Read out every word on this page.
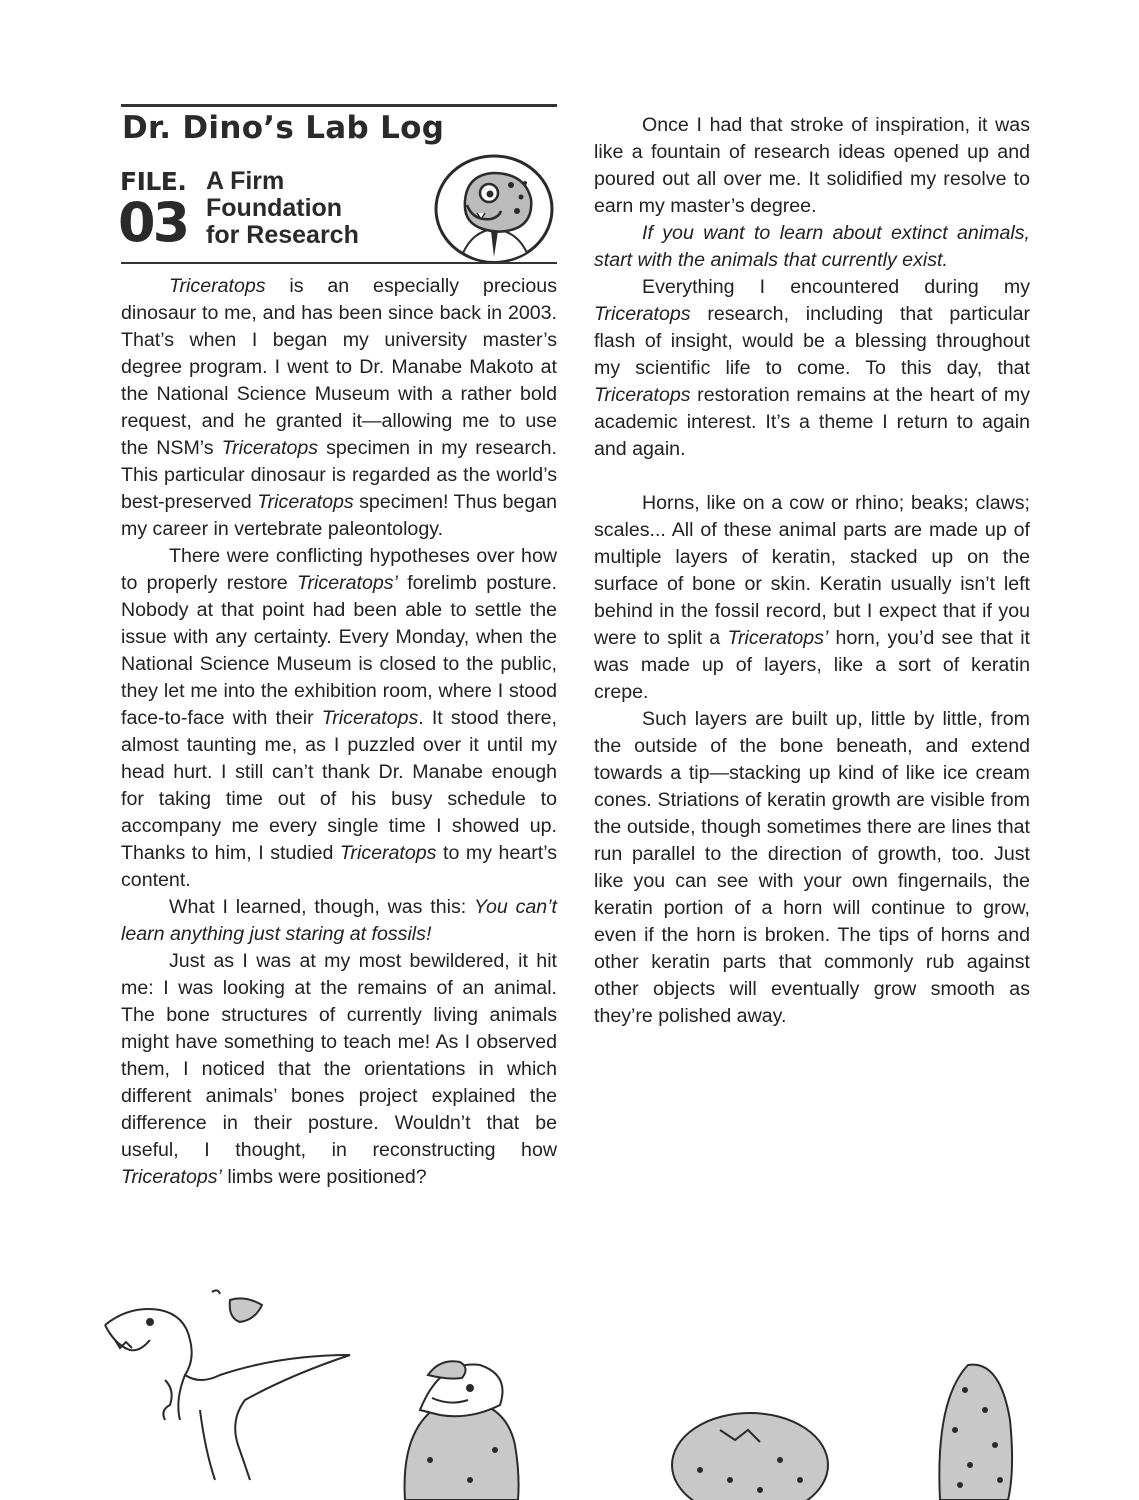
Dr. Dino’s Lab Log
FILE.
03
A Firm
Foundation
for Research

Triceratops is an especially precious dinosaur to me, and has been since back in 2003. That’s when I began my university master’s degree program. I went to Dr. Manabe Makoto at the National Science Museum with a rather bold request, and he granted it—allowing me to use the NSM’s Triceratops specimen in my research. This particular dinosaur is regarded as the world’s best-preserved Triceratops specimen! Thus began my career in vertebrate paleontology.

There were conflicting hypotheses over how to properly restore Triceratops’ forelimb posture. Nobody at that point had been able to settle the issue with any certainty. Every Monday, when the National Science Museum is closed to the public, they let me into the exhibition room, where I stood face-to-face with their Triceratops. It stood there, almost taunting me, as I puzzled over it until my head hurt. I still can’t thank Dr. Manabe enough for taking time out of his busy schedule to accompany me every single time I showed up. Thanks to him, I studied Triceratops to my heart’s content.

What I learned, though, was this: You can’t learn anything just staring at fossils!

Just as I was at my most bewildered, it hit me: I was looking at the remains of an animal. The bone structures of currently living animals might have something to teach me! As I observed them, I noticed that the orientations in which different animals’ bones project explained the difference in their posture. Wouldn’t that be useful, I thought, in reconstructing how Triceratops’ limbs were positioned?

Once I had that stroke of inspiration, it was like a fountain of research ideas opened up and poured out all over me. It solidified my resolve to earn my master’s degree.

If you want to learn about extinct animals, start with the animals that currently exist.

Everything I encountered during my Triceratops research, including that particular flash of insight, would be a blessing throughout my scientific life to come. To this day, that Triceratops restoration remains at the heart of my academic interest. It’s a theme I return to again and again.

Horns, like on a cow or rhino; beaks; claws; scales... All of these animal parts are made up of multiple layers of keratin, stacked up on the surface of bone or skin. Keratin usually isn’t left behind in the fossil record, but I expect that if you were to split a Triceratops’ horn, you’d see that it was made up of layers, like a sort of keratin crepe.

Such layers are built up, little by little, from the outside of the bone beneath, and extend towards a tip—stacking up kind of like ice cream cones. Striations of keratin growth are visible from the outside, though sometimes there are lines that run parallel to the direction of growth, too. Just like you can see with your own fingernails, the keratin portion of a horn will continue to grow, even if the horn is broken. The tips of horns and other keratin parts that commonly rub against other objects will eventually grow smooth as they’re polished away.
